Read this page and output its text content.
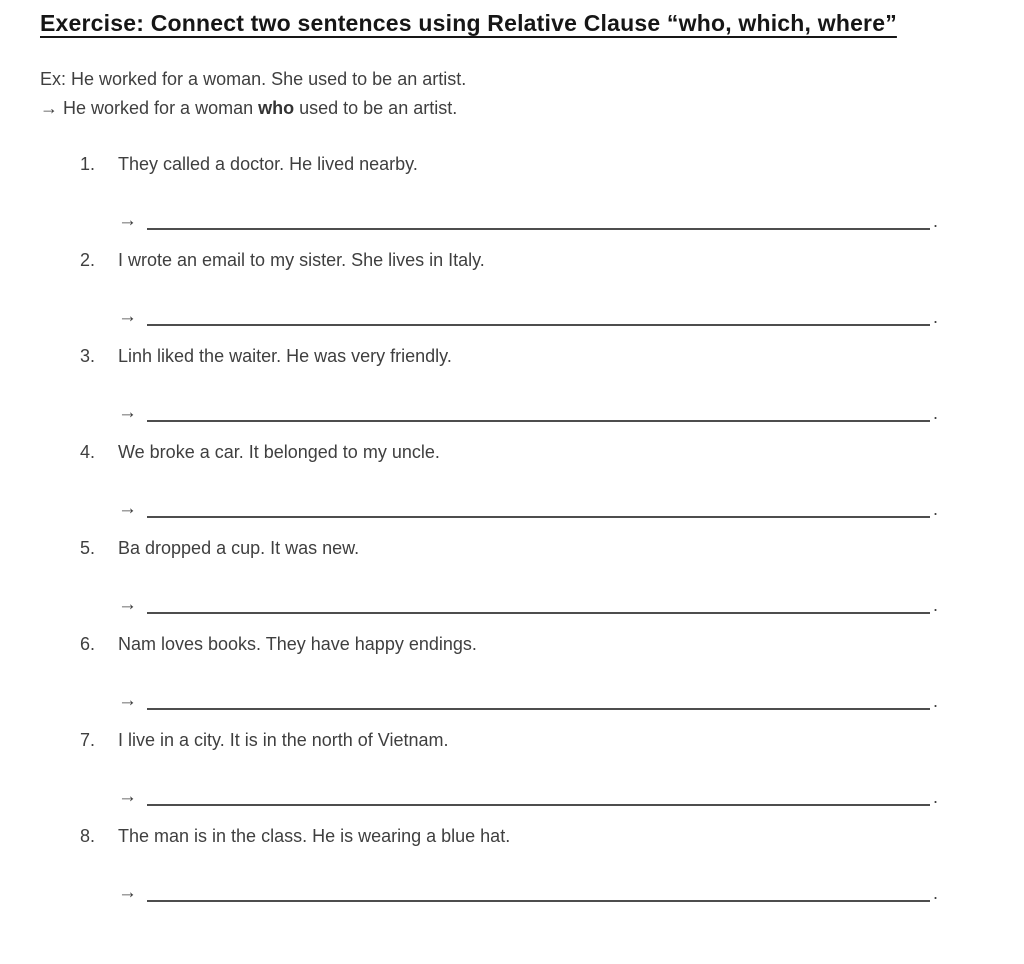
Exercise: Connect two sentences using Relative Clause “who, which, where”
Ex: He worked for a woman. She used to be an artist.
→ He worked for a woman who used to be an artist.
1.	They called a doctor. He lived nearby.
→	.
2.	I wrote an email to my sister. She lives in Italy.
→	.
3.	Linh liked the waiter. He was very friendly.
→	.
4.	We broke a car. It belonged to my uncle.
→	.
5.	Ba dropped a cup. It was new.
→	.
6.	Nam loves books. They have happy endings.
→	.
7.	I live in a city. It is in the north of Vietnam.
→	.
8.	The man is in the class. He is wearing a blue hat.
→	.
